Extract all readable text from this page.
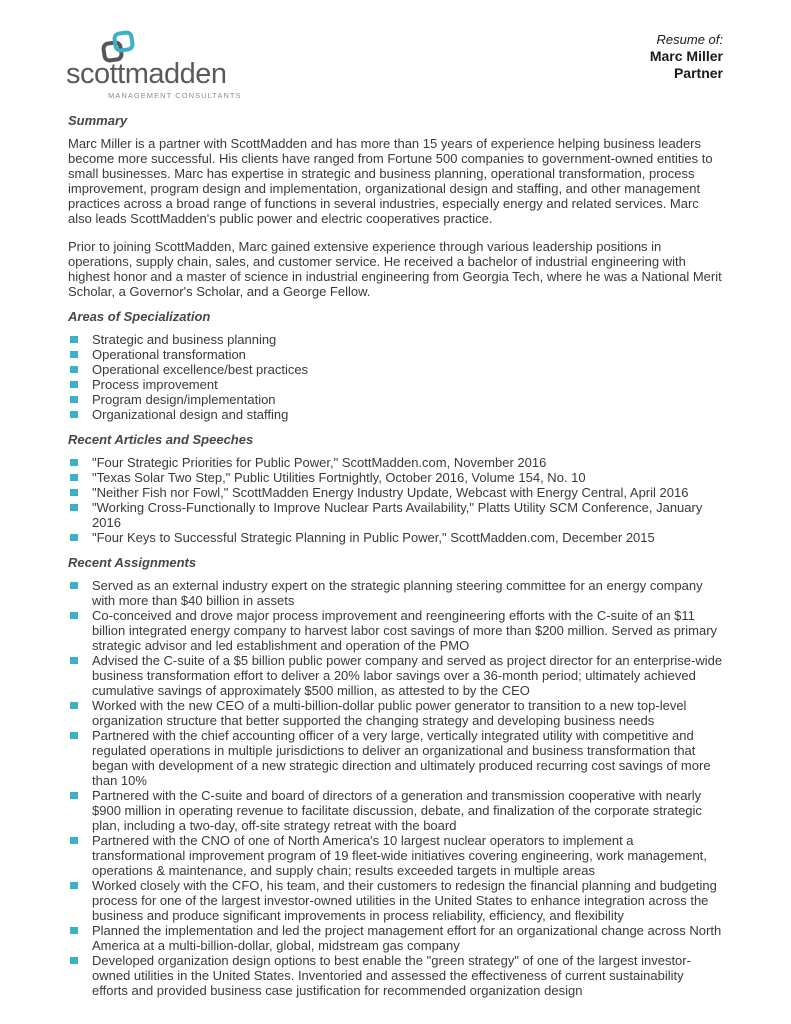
scottmadden
MANAGEMENT CONSULTANTS
Resume of:
Marc Miller
Partner
Summary

Marc Miller is a partner with ScottMadden and has more than 15 years of experience helping business leaders become more successful. His clients have ranged from Fortune 500 companies to government-owned entities to small businesses. Marc has expertise in strategic and business planning, operational transformation, process improvement, program design and implementation, organizational design and staffing, and other management practices across a broad range of functions in several industries, especially energy and related services. Marc also leads ScottMadden's public power and electric cooperatives practice.

Prior to joining ScottMadden, Marc gained extensive experience through various leadership positions in operations, supply chain, sales, and customer service. He received a bachelor of industrial engineering with highest honor and a master of science in industrial engineering from Georgia Tech, where he was a National Merit Scholar, a Governor's Scholar, and a George Fellow.

Areas of Specialization
Strategic and business planning
Operational transformation
Operational excellence/best practices
Process improvement
Program design/implementation
Organizational design and staffing
Recent Articles and Speeches
"Four Strategic Priorities for Public Power," ScottMadden.com, November 2016
"Texas Solar Two Step," Public Utilities Fortnightly, October 2016, Volume 154, No. 10
"Neither Fish nor Fowl," ScottMadden Energy Industry Update, Webcast with Energy Central, April 2016
"Working Cross-Functionally to Improve Nuclear Parts Availability," Platts Utility SCM Conference, January 2016
"Four Keys to Successful Strategic Planning in Public Power," ScottMadden.com, December 2015
Recent Assignments
Served as an external industry expert on the strategic planning steering committee for an energy company with more than $40 billion in assets
Co-conceived and drove major process improvement and reengineering efforts with the C-suite of an $11 billion integrated energy company to harvest labor cost savings of more than $200 million. Served as primary strategic advisor and led establishment and operation of the PMO
Advised the C-suite of a $5 billion public power company and served as project director for an enterprise-wide business transformation effort to deliver a 20% labor savings over a 36-month period; ultimately achieved cumulative savings of approximately $500 million, as attested to by the CEO
Worked with the new CEO of a multi-billion-dollar public power generator to transition to a new top-level organization structure that better supported the changing strategy and developing business needs
Partnered with the chief accounting officer of a very large, vertically integrated utility with competitive and regulated operations in multiple jurisdictions to deliver an organizational and business transformation that began with development of a new strategic direction and ultimately produced recurring cost savings of more than 10%
Partnered with the C-suite and board of directors of a generation and transmission cooperative with nearly $900 million in operating revenue to facilitate discussion, debate, and finalization of the corporate strategic plan, including a two-day, off-site strategy retreat with the board
Partnered with the CNO of one of North America's 10 largest nuclear operators to implement a transformational improvement program of 19 fleet-wide initiatives covering engineering, work management, operations & maintenance, and supply chain; results exceeded targets in multiple areas
Worked closely with the CFO, his team, and their customers to redesign the financial planning and budgeting process for one of the largest investor-owned utilities in the United States to enhance integration across the business and produce significant improvements in process reliability, efficiency, and flexibility
Planned the implementation and led the project management effort for an organizational change across North America at a multi-billion-dollar, global, midstream gas company
Developed organization design options to best enable the "green strategy" of one of the largest investor-owned utilities in the United States. Inventoried and assessed the effectiveness of current sustainability efforts and provided business case justification for recommended organization design
